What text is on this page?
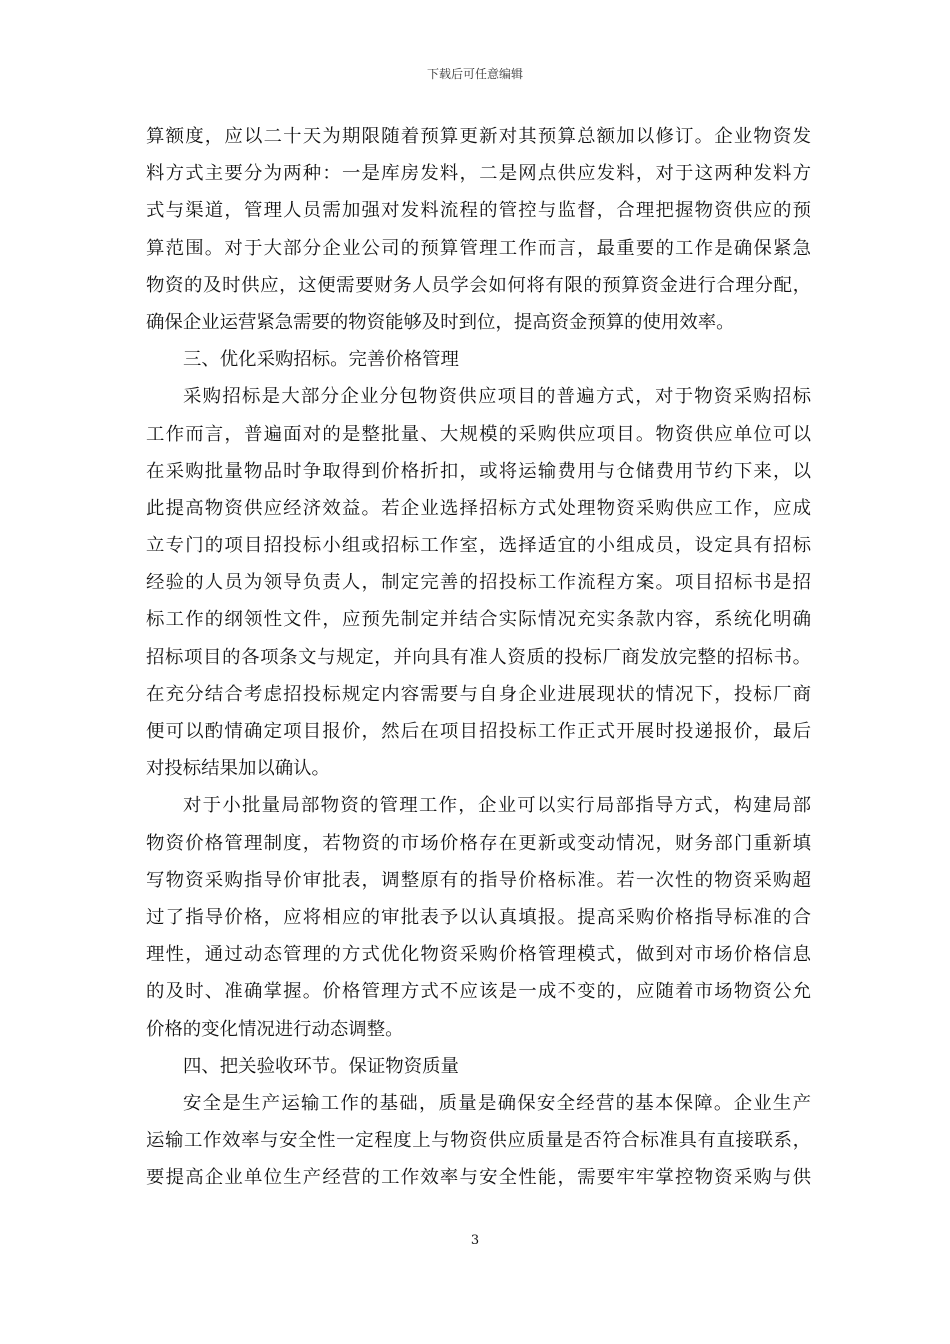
下载后可任意编辑
算额度，应以二十天为期限随着预算更新对其预算总额加以修订。企业物资发
料方式主要分为两种：一是库房发料，二是网点供应发料，对于这两种发料方
式与渠道，管理人员需加强对发料流程的管控与监督，合理把握物资供应的预
算范围。对于大部分企业公司的预算管理工作而言，最重要的工作是确保紧急
物资的及时供应，这便需要财务人员学会如何将有限的预算资金进行合理分配，
确保企业运营紧急需要的物资能够及时到位，提高资金预算的使用效率。
三、优化采购招标。完善价格管理
采购招标是大部分企业分包物资供应项目的普遍方式，对于物资采购招标
工作而言，普遍面对的是整批量、大规模的采购供应项目。物资供应单位可以
在采购批量物品时争取得到价格折扣，或将运输费用与仓储费用节约下来，以
此提高物资供应经济效益。若企业选择招标方式处理物资采购供应工作，应成
立专门的项目招投标小组或招标工作室，选择适宜的小组成员，设定具有招标
经验的人员为领导负责人，制定完善的招投标工作流程方案。项目招标书是招
标工作的纲领性文件，应预先制定并结合实际情况充实条款内容，系统化明确
招标项目的各项条文与规定，并向具有准人资质的投标厂商发放完整的招标书。
在充分结合考虑招投标规定内容需要与自身企业进展现状的情况下，投标厂商
便可以酌情确定项目报价，然后在项目招投标工作正式开展时投递报价，最后
对投标结果加以确认。
对于小批量局部物资的管理工作，企业可以实行局部指导方式，构建局部
物资价格管理制度，若物资的市场价格存在更新或变动情况，财务部门重新填
写物资采购指导价审批表，调整原有的指导价格标准。若一次性的物资采购超
过了指导价格，应将相应的审批表予以认真填报。提高采购价格指导标准的合
理性，通过动态管理的方式优化物资采购价格管理模式，做到对市场价格信息
的及时、准确掌握。价格管理方式不应该是一成不变的，应随着市场物资公允
价格的变化情况进行动态调整。
四、把关验收环节。保证物资质量
安全是生产运输工作的基础，质量是确保安全经营的基本保障。企业生产
运输工作效率与安全性一定程度上与物资供应质量是否符合标准具有直接联系，
要提高企业单位生产经营的工作效率与安全性能，需要牢牢掌控物资采购与供
3
